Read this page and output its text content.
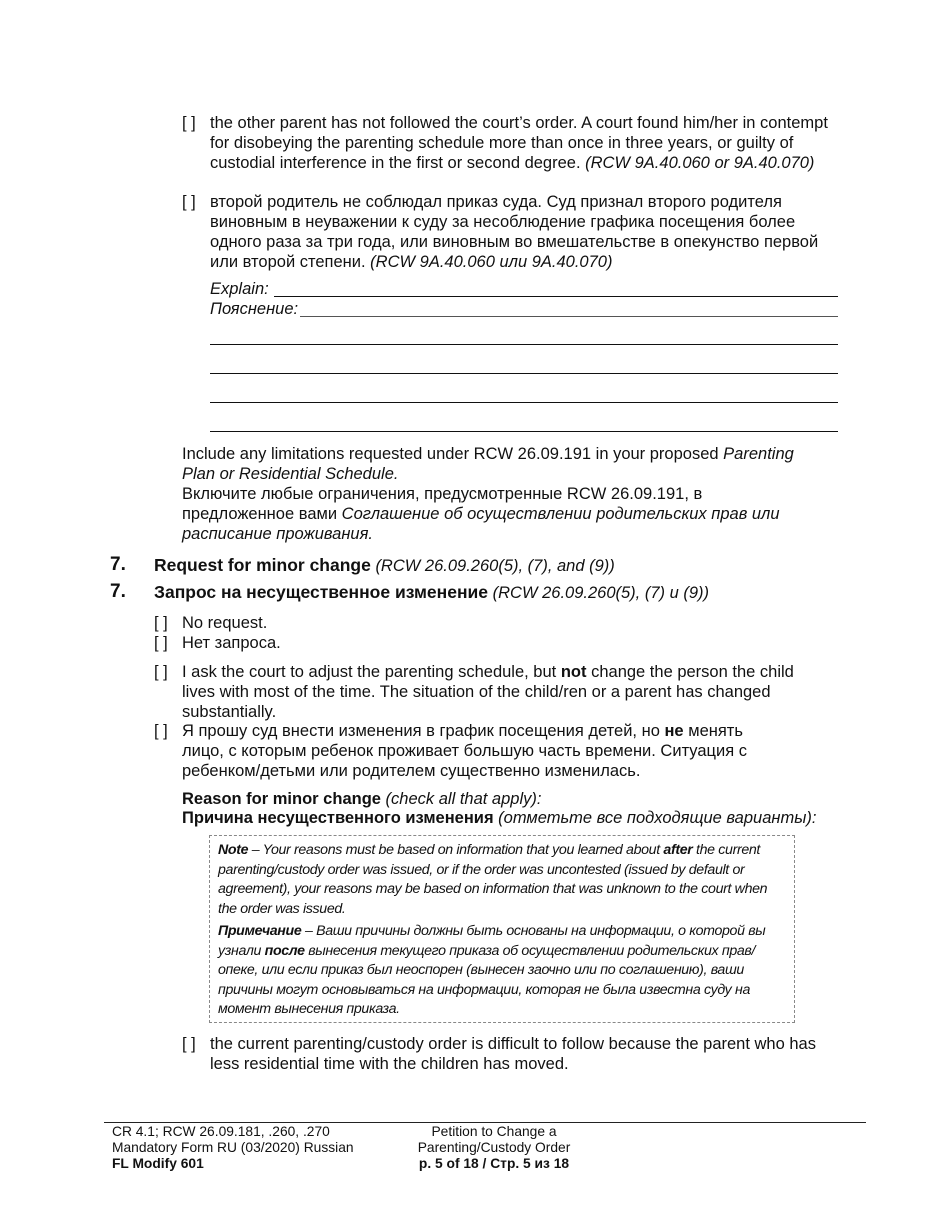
[ ] the other parent has not followed the court’s order. A court found him/her in contempt for disobeying the parenting schedule more than once in three years, or guilty of custodial interference in the first or second degree. (RCW 9A.40.060 or 9A.40.070)
[ ] второй родитель не соблюдал приказ суда. Суд признал второго родителя виновным в неуважении к суду за несоблюдение графика посещения более одного раза за три года, или виновным во вмешательстве в опекунство первой или второй степени. (RCW 9A.40.060 или 9A.40.070)
Explain:
Пояснение:
Include any limitations requested under RCW 26.09.191 in your proposed Parenting Plan or Residential Schedule.
Включите любые ограничения, предусмотренные RCW 26.09.191, в предложенное вами Соглашение об осуществлении родительских прав или расписание проживания.
7. Request for minor change (RCW 26.09.260(5), (7), and (9))
7. Запрос на несущественное изменение (RCW 26.09.260(5), (7) и (9))
[ ] No request.
[ ] Нет запроса.
[ ] I ask the court to adjust the parenting schedule, but not change the person the child lives with most of the time. The situation of the child/ren or a parent has changed substantially.
[ ] Я прошу суд внести изменения в график посещения детей, но не менять лицо, с которым ребенок проживает большую часть времени. Ситуация с ребенком/детьми или родителем существенно изменилась.
Reason for minor change (check all that apply):
Причина несущественного изменения (отметьте все подходящие варианты):

Note – Your reasons must be based on information that you learned about after the current parenting/custody order was issued, or if the order was uncontested (issued by default or agreement), your reasons may be based on information that was unknown to the court when the order was issued.

Примечание – Ваши причины должны быть основаны на информации, о которой вы узнали после вынесения текущего приказа об осуществлении родительских прав/опеке, или если приказ был неоспорен (вынесен заочно или по соглашению), ваши причины могут основываться на информации, которая не была известна суду на момент вынесения приказа.

[ ] the current parenting/custody order is difficult to follow because the parent who has less residential time with the children has moved.
CR 4.1; RCW 26.09.181, .260, .270
Mandatory Form RU (03/2020) Russian
FL Modify 601
Petition to Change a
Parenting/Custody Order
p. 5 of 18 / Стр. 5 из 18
